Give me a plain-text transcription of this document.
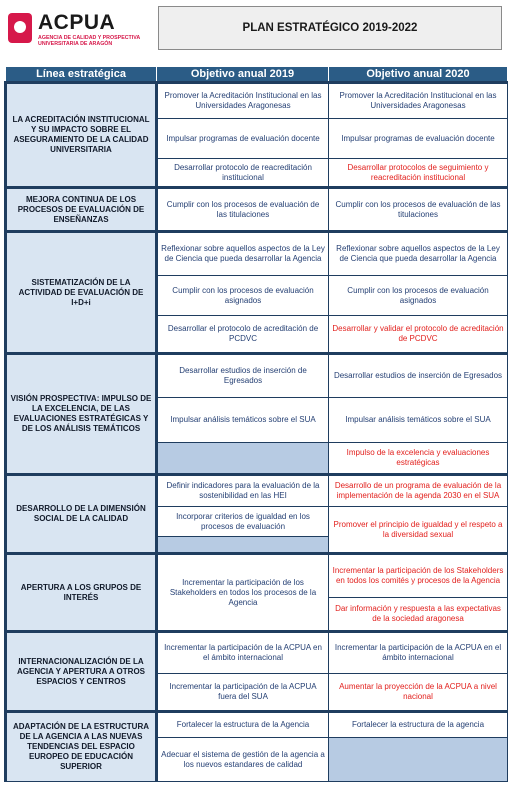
ACPUA
AGENCIA DE CALIDAD Y PROSPECTIVA UNIVERSITARIA DE ARAGÓN
PLAN ESTRATÉGICO 2019-2022
Línea estratégica	Objetivo anual 2019	Objetivo anual 2020
LA ACREDITACIÓN INSTITUCIONAL Y SU IMPACTO SOBRE EL ASEGURAMIENTO DE LA CALIDAD UNIVERSITARIA	Promover la Acreditación Institucional en las Universidades Aragonesas	Promover la Acreditación Institucional en las Universidades Aragonesas
	Impulsar programas de evaluación docente	Impulsar programas de evaluación docente
	Desarrollar protocolo de reacreditación institucional	Desarrollar protocolos de seguimiento y reacreditación institucional
MEJORA CONTINUA DE LOS PROCESOS DE EVALUACIÓN DE ENSEÑANZAS	Cumplir con los procesos de evaluación de las titulaciones	Cumplir con los procesos de evaluación de las titulaciones
SISTEMATIZACIÓN DE LA ACTIVIDAD DE EVALUACIÓN DE I+D+i	Reflexionar sobre aquellos aspectos de la Ley de Ciencia que pueda desarrollar la Agencia	Reflexionar sobre aquellos aspectos de la Ley de Ciencia que pueda desarrollar la Agencia
	Cumplir con los procesos de evaluación asignados	Cumplir con los procesos de evaluación asignados
	Desarrollar el protocolo de acreditación de PCDVC	Desarrollar y validar el protocolo de acreditación de PCDVC
VISIÓN PROSPECTIVA: IMPULSO DE LA EXCELENCIA, DE LAS EVALUACIONES ESTRATÉGICAS Y DE LOS ANÁLISIS TEMÁTICOS	Desarrollar estudios de inserción de Egresados	Desarrollar estudios de inserción de Egresados
	Impulsar análisis temáticos sobre el SUA	Impulsar análisis temáticos sobre el SUA
		Impulso de la excelencia y evaluaciones estratégicas
DESARROLLO DE LA DIMENSIÓN SOCIAL DE LA CALIDAD	Definir indicadores para la evaluación de la sostenibilidad en las HEI	Desarrollo de un programa de evaluación de la implementación de la agenda 2030 en el SUA
	Incorporar criterios de igualdad en los procesos de evaluación	Promover el principio de igualdad y el respeto a la diversidad sexual

APERTURA A LOS GRUPOS DE INTERÉS	Incrementar la participación de los Stakeholders en todos los procesos de la Agencia	Incrementar la participación de los Stakeholders en todos los comités y procesos de la Agencia
		Dar información y respuesta a las expectativas de la sociedad aragonesa
INTERNACIONALIZACIÓN DE LA AGENCIA Y APERTURA A OTROS ESPACIOS Y CENTROS	Incrementar la participación de la ACPUA en el ámbito internacional	Incrementar la participación de la ACPUA en el ámbito internacional
	Incrementar la participación de la ACPUA fuera del SUA	Aumentar la proyección de la ACPUA a nivel nacional
ADAPTACIÓN DE LA ESTRUCTURA DE LA AGENCIA A LAS NUEVAS TENDENCIAS DEL ESPACIO EUROPEO DE EDUCACIÓN SUPERIOR	Fortalecer la estructura de la Agencia	Fortalecer la estructura de la agencia
	Adecuar el sistema de gestión de la agencia a los nuevos estandares de calidad	
